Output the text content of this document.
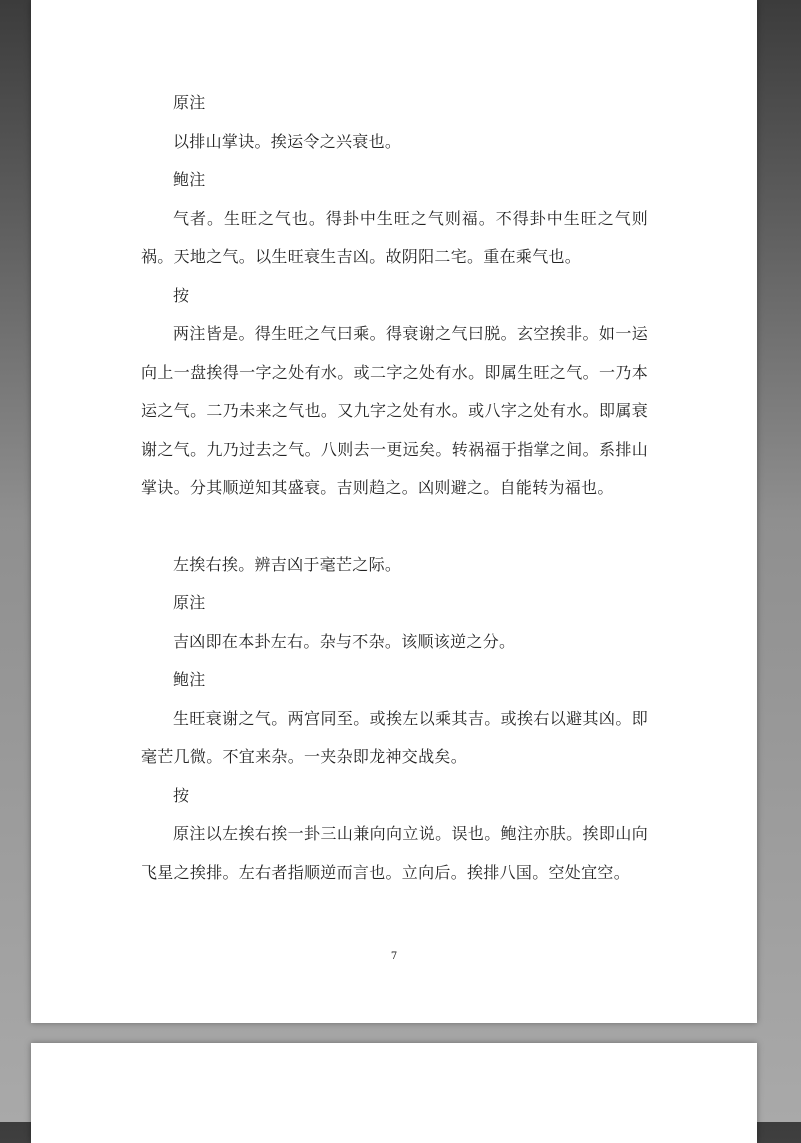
原注

以排山掌诀。挨运令之兴衰也。

鲍注

气者。生旺之气也。得卦中生旺之气则福。不得卦中生旺之气则祸。天地之气。以生旺衰生吉凶。故阴阳二宅。重在乘气也。

按

两注皆是。得生旺之气曰乘。得衰谢之气曰脱。玄空挨非。如一运向上一盘挨得一字之处有水。或二字之处有水。即属生旺之气。一乃本运之气。二乃未来之气也。又九字之处有水。或八字之处有水。即属衰谢之气。九乃过去之气。八则去一更远矣。转祸福于指掌之间。系排山掌诀。分其顺逆知其盛衰。吉则趋之。凶则避之。自能转为福也。

左挨右挨。辨吉凶于毫芒之际。

原注

吉凶即在本卦左右。杂与不杂。该顺该逆之分。

鲍注

生旺衰谢之气。两宫同至。或挨左以乘其吉。或挨右以避其凶。即毫芒几微。不宜来杂。一夹杂即龙神交战矣。

按

原注以左挨右挨一卦三山兼向向立说。误也。鲍注亦肤。挨即山向飞星之挨排。左右者指顺逆而言也。立向后。挨排八国。空处宜空。

7
